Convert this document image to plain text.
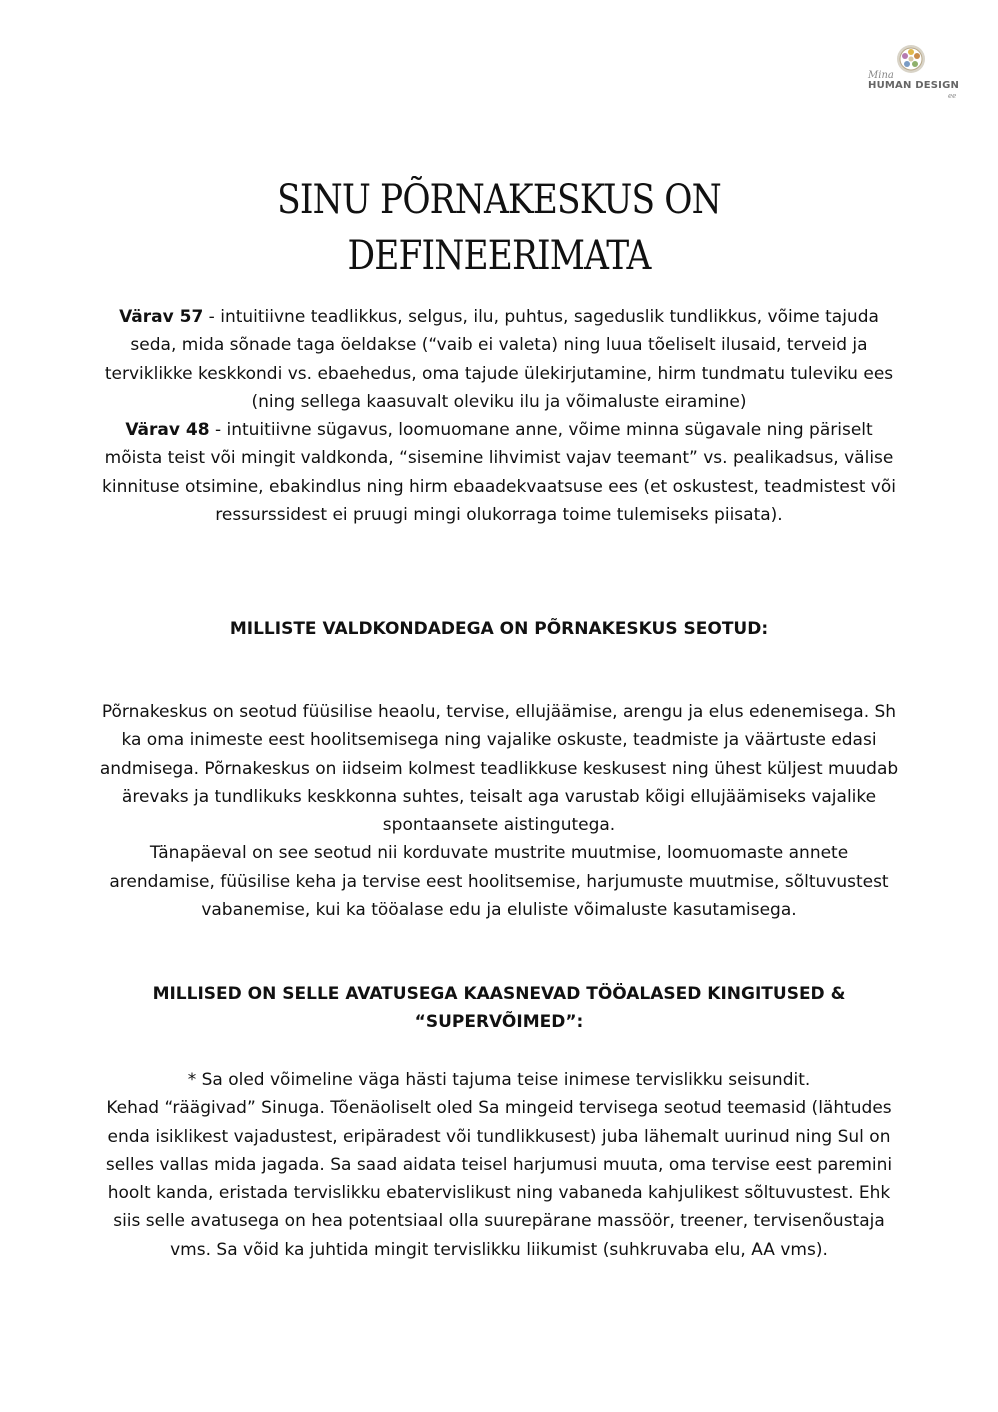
Mina
HUMAN DESIGN
ee
SINU PÕRNAKESKUS ON
DEFINEERIMATA

Värav 57 - intuitiivne teadlikkus, selgus, ilu, puhtus, sageduslik tundlikkus, võime tajuda seda, mida sõnade taga öeldakse (“vaib ei valeta) ning luua tõeliselt ilusaid, terveid ja terviklikke keskkondi vs. ebaehedus, oma tajude ülekirjutamine, hirm tundmatu tuleviku ees (ning sellega kaasuvalt oleviku ilu ja võimaluste eiramine)
Värav 48 - intuitiivne sügavus, loomuomane anne, võime minna sügavale ning päriselt mõista teist või mingit valdkonda, “sisemine lihvimist vajav teemant” vs. pealikadsus, välise kinnituse otsimine, ebakindlus ning hirm ebaadekvaatsuse ees (et oskustest, teadmistest või ressurssidest ei pruugi mingi olukorraga toime tulemiseks piisata).

MILLISTE VALDKONDADEGA ON PÕRNAKESKUS SEOTUD:

Põrnakeskus on seotud füüsilise heaolu, tervise, ellujäämise, arengu ja elus edenemisega. Sh ka oma inimeste eest hoolitsemisega ning vajalike oskuste, teadmiste ja väärtuste edasi andmisega. Põrnakeskus on iidseim kolmest teadlikkuse keskusest ning ühest küljest muudab ärevaks ja tundlikuks keskkonna suhtes, teisalt aga varustab kõigi ellujäämiseks vajalike spontaansete aistingutega.
Tänapäeval on see seotud nii korduvate mustrite muutmise, loomuomaste annete arendamise, füüsilise keha ja tervise eest hoolitsemise, harjumuste muutmise, sõltuvustest vabanemise, kui ka tööalase edu ja eluliste võimaluste kasutamisega.

MILLISED ON SELLE AVATUSEGA KAASNEVAD TÖÖALASED KINGITUSED &
“SUPERVÕIMED”:

* Sa oled võimeline väga hästi tajuma teise inimese tervislikku seisundit.
Kehad “räägivad” Sinuga. Tõenäoliselt oled Sa mingeid tervisega seotud teemasid (lähtudes enda isiklikest vajadustest, eripäradest või tundlikkusest) juba lähemalt uurinud ning Sul on selles vallas mida jagada. Sa saad aidata teisel harjumusi muuta, oma tervise eest paremini hoolt kanda, eristada tervislikku ebatervislikust ning vabaneda kahjulikest sõltuvustest. Ehk siis selle avatusega on hea potentsiaal olla suurepärane massöör, treener, tervisenõustaja vms. Sa võid ka juhtida mingit tervislikku liikumist (suhkruvaba elu, AA vms).
